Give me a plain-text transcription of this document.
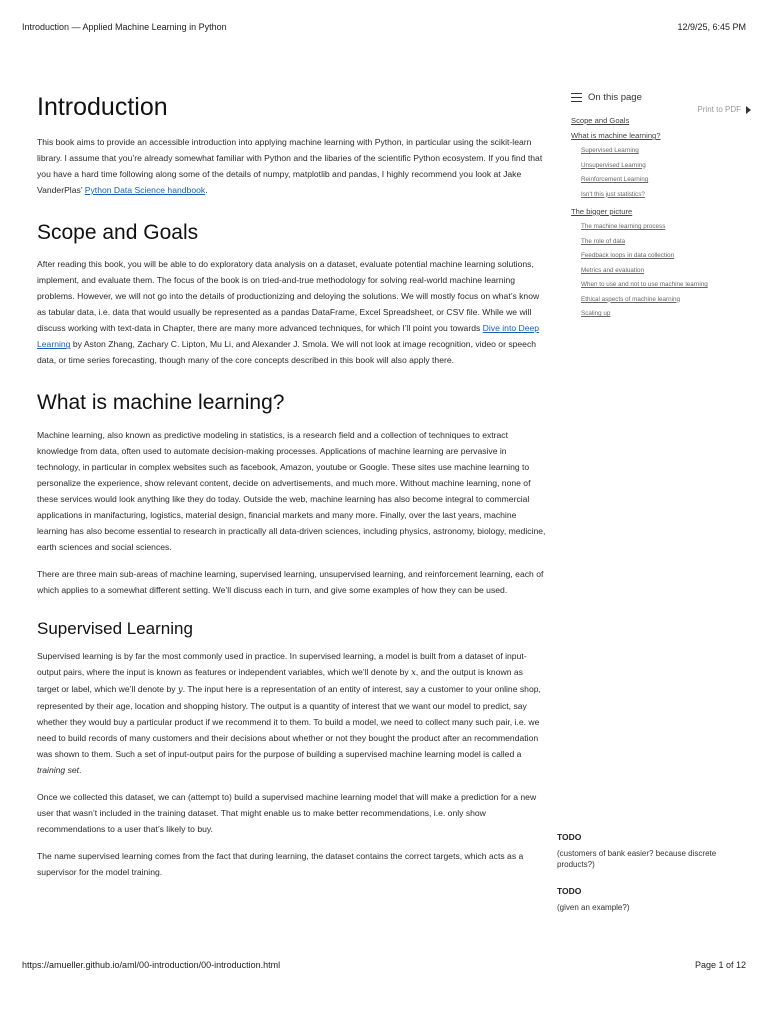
Introduction — Applied Machine Learning in Python	12/9/25, 6:45 PM
Introduction

This book aims to provide an accessible introduction into applying machine learning with Python, in particular using the scikit-learn library. I assume that you’re already somewhat familiar with Python and the libaries of the scientific Python ecosystem. If you find that you have a hard time following along some of the details of numpy, matplotlib and pandas, I highly recommend you look at Jake VanderPlas’ Python Data Science handbook.

Scope and Goals

After reading this book, you will be able to do exploratory data analysis on a dataset, evaluate potential machine learning solutions, implement, and evaluate them. The focus of the book is on tried-and-true methodology for solving real-world machine learning problems. However, we will not go into the details of productionizing and deloying the solutions. We will mostly focus on what’s know as tabular data, i.e. data that would usually be represented as a pandas DataFrame, Excel Spreadsheet, or CSV file. While we will discuss working with text-data in Chapter, there are many more advanced techniques, for which I’ll point you towards Dive into Deep Learning by Aston Zhang, Zachary C. Lipton, Mu Li, and Alexander J. Smola. We will not look at image recognition, video or speech data, or time series forecasting, though many of the core concepts described in this book will also apply there.

What is machine learning?

Machine learning, also known as predictive modeling in statistics, is a research field and a collection of techniques to extract knowledge from data, often used to automate decision-making processes. Applications of machine learning are pervasive in technology, in particular in complex websites such as facebook, Amazon, youtube or Google. These sites use machine learning to personalize the experience, show relevant content, decide on advertisements, and much more. Without machine learning, none of these services would look anything like they do today. Outside the web, machine learning has also become integral to commercial applications in manifacturing, logistics, material design, financial markets and many more. Finally, over the last years, machine learning has also become essential to research in practically all data-driven sciences, including physics, astronomy, biology, medicine, earth sciences and social sciences.

There are three main sub-areas of machine learning, supervised learning, unsupervised learning, and reinforcement learning, each of which applies to a somewhat different setting. We’ll discuss each in turn, and give some examples of how they can be used.

Supervised Learning

Supervised learning is by far the most commonly used in practice. In supervised learning, a model is built from a dataset of input-output pairs, where the input is known as features or independent variables, which we’ll denote by x, and the output is known as target or label, which we’ll denote by y. The input here is a representation of an entity of interest, say a customer to your online shop, represented by their age, location and shopping history. The output is a quantity of interest that we want our model to predict, say whether they would buy a particular product if we recommend it to them. To build a model, we need to collect many such pair, i.e. we need to build records of many customers and their decisions about whether or not they bought the product after an recommendation was shown to them. Such a set of input-output pairs for the purpose of building a supervised machine learning model is called a training set.

Once we collected this dataset, we can (attempt to) build a supervised machine learning model that will make a prediction for a new user that wasn’t included in the training dataset. That might enable us to make better recommendations, i.e. only show recommendations to a user that’s likely to buy.

The name supervised learning comes from the fact that during learning, the dataset contains the correct targets, which acts as a supervisor for the model training.

On this page
Print to PDF
Scope and Goals
What is machine learning?
Supervised Learning
Unsupervised Learning
Reinforcement Learning
Isn't this just statistics?
The bigger picture
The machine learning process
The role of data
Feedback loops in data collection
Metrics and evaluation
When to use and not to use machine learning
Ethical aspects of machine learning
Scaling up
TODO
(customers of bank easier? because discrete products?)
TODO
(given an example?)
https://amueller.github.io/aml/00-introduction/00-introduction.html	Page 1 of 12
